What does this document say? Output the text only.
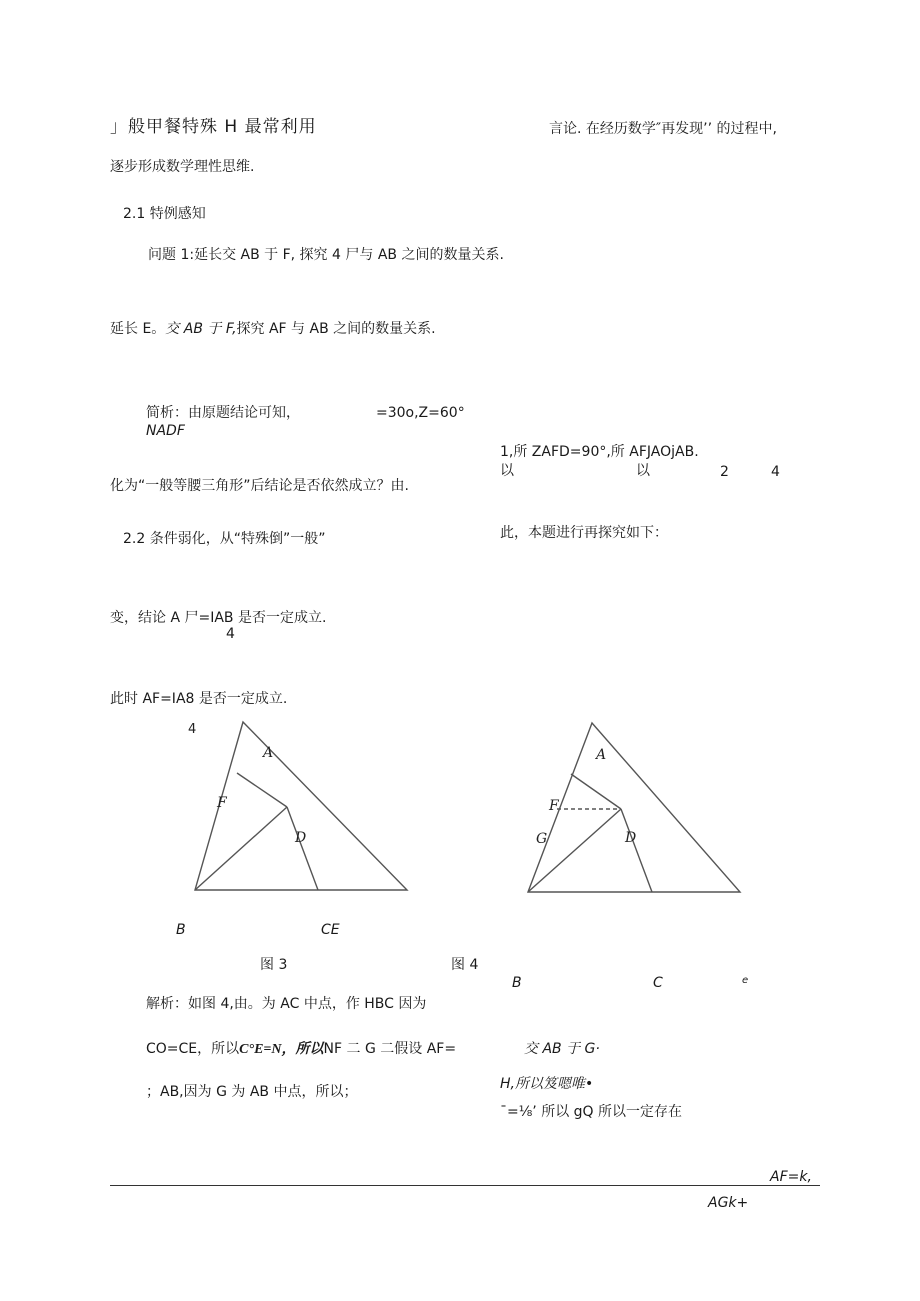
」般甲餐特殊 H 最常利用	言论. 在经历数学″再发现’’ 的过程中,
逐步形成数学理性思维.
2.1 特例感知
问题 1:延长交 AB 于 F, 探究 4 尸与 AB 之间的数量关系.
延长 E。交 AB 于 F,探究 AF 与 AB 之间的数量关系.
简析：由原题结论可知，	=30o,Z=60°
NADF
1,所 ZAFD=90°,所 AFJAOjAB.
以	以	2	4
化为“一般等腰三角形”后结论是否依然成立？由.
2.2 条件弱化，从“特殊倒”一般”	此，本题进行再探究如下：
变，结论 A 尸=IAB 是否一定成立.
4
此时 AF=IA8 是否一定成立.
4
A
F
D
B	CE
图 3
A
F
G	D
图 4
B	C	e
解析：如图 4,由。为 AC 中点，作 HBC 因为
CO=CE，所以C°E=N，所以NF 二 G 二假设 AF=	交 AB 于 G·
H,所以笈嗯唯•
；AB,因为 G 为 AB 中点，所以；
ˉ=⅛’ 所以 gQ 所以一定存在
AF=k,
AGk+
